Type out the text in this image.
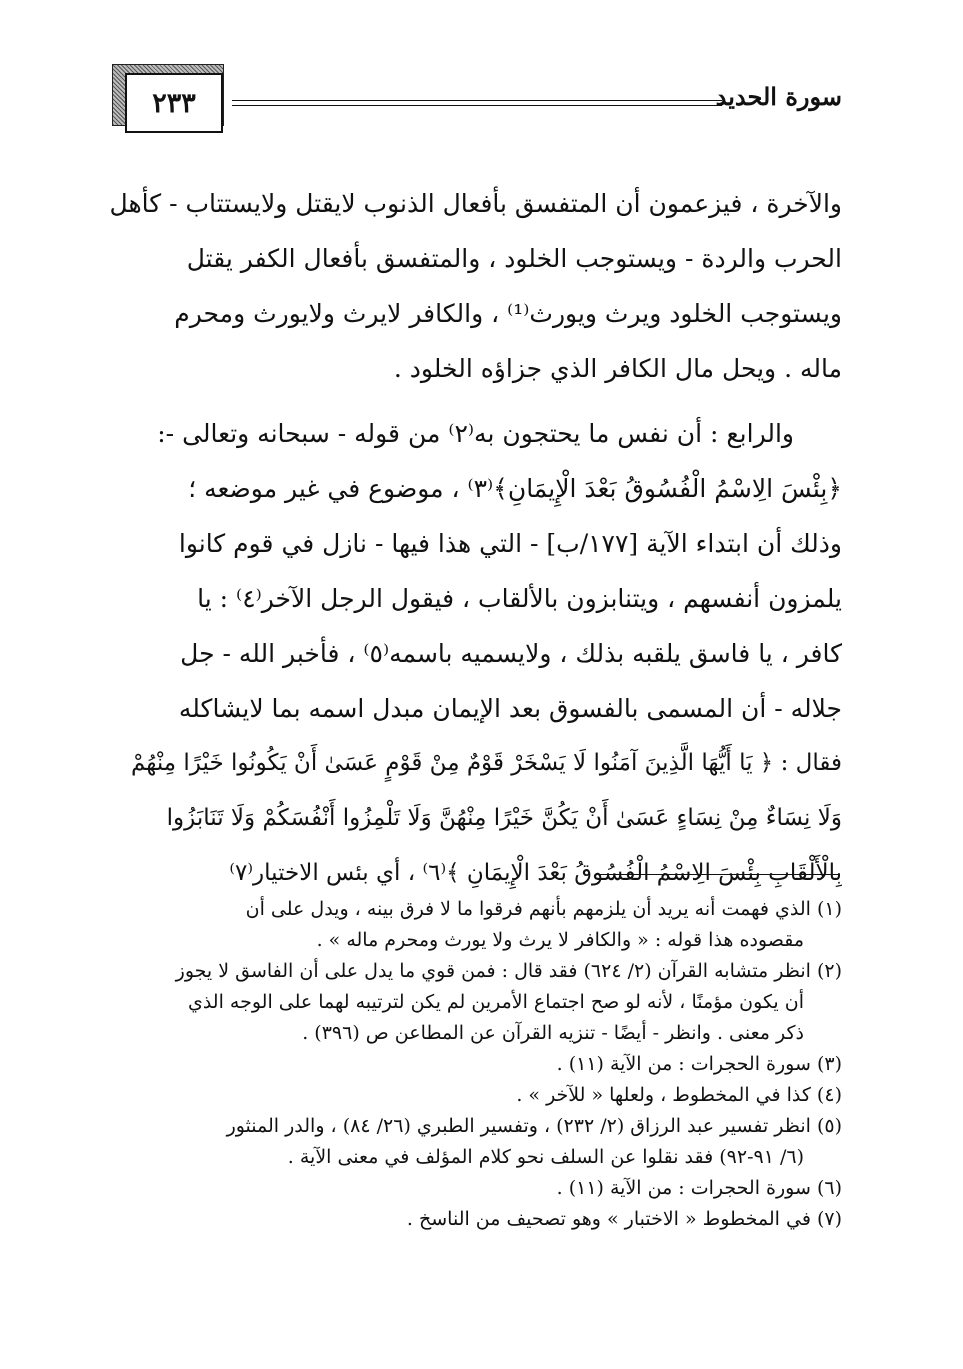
٢٣٣	سورة الحديد
والآخرة ، فيزعمون أن المتفسق بأفعال الذنوب لايقتل ولايستتاب - كأهل
الحرب والردة - ويستوجب الخلود ، والمتفسق بأفعال الكفر يقتل
ويستوجب الخلود ويرث ويورث⁽¹⁾ ، والكافر لايرث ولايورث ومحرم
ماله . ويحل مال الكافر الذي جزاؤه الخلود .
والرابع : أن نفس ما يحتجون به⁽٢⁾ من قوله - سبحانه وتعالى -:
﴿بِئْسَ الِاسْمُ الْفُسُوقُ بَعْدَ الْإِيمَانِ﴾⁽٣⁾ ، موضوع في غير موضعه ؛
وذلك أن ابتداء الآية [١٧٧/ب] - التي هذا فيها - نازل في قوم كانوا
يلمزون أنفسهم ، ويتنابزون بالألقاب ، فيقول الرجل الآخر⁽٤⁾ : يا
كافر ، يا فاسق يلقبه بذلك ، ولايسميه باسمه⁽٥⁾ ، فأخبر الله - جل
جلاله - أن المسمى بالفسوق بعد الإيمان مبدل اسمه بما لايشاكله
فقال : ﴿ يَا أَيُّهَا الَّذِينَ آمَنُوا لَا يَسْخَرْ قَوْمٌ مِنْ قَوْمٍ عَسَىٰ أَنْ يَكُونُوا خَيْرًا مِنْهُمْ
وَلَا نِسَاءٌ مِنْ نِسَاءٍ عَسَىٰ أَنْ يَكُنَّ خَيْرًا مِنْهُنَّ وَلَا تَلْمِزُوا أَنْفُسَكُمْ وَلَا تَنَابَزُوا
بِالْأَلْقَابِ بِئْسَ الِاسْمُ الْفُسُوقُ بَعْدَ الْإِيمَانِ ﴾⁽٦⁾ ، أي بئس الاختيار⁽٧⁾
(١) الذي فهمت أنه يريد أن يلزمهم بأنهم فرقوا ما لا فرق بينه ، ويدل على أن
مقصوده هذا قوله : « والكافر لا يرث ولا يورث ومحرم ماله » .
(٢) انظر متشابه القرآن (٢/ ٦٢٤) فقد قال : فمن قوي ما يدل على أن الفاسق لا يجوز
أن يكون مؤمنًا ، لأنه لو صح اجتماع الأمرين لم يكن لترتيبه لهما على الوجه الذي
ذكر معنى . وانظر - أيضًا - تنزيه القرآن عن المطاعن ص (٣٩٦) .
(٣) سورة الحجرات : من الآية (١١) .
(٤) كذا في المخطوط ، ولعلها « للآخر » .
(٥) انظر تفسير عبد الرزاق (٢/ ٢٣٢) ، وتفسير الطبري (٢٦/ ٨٤) ، والدر المنثور
(٦/ ٩١-٩٢) فقد نقلوا عن السلف نحو كلام المؤلف في معنى الآية .
(٦) سورة الحجرات : من الآية (١١) .
(٧) في المخطوط « الاختبار » وهو تصحيف من الناسخ .
